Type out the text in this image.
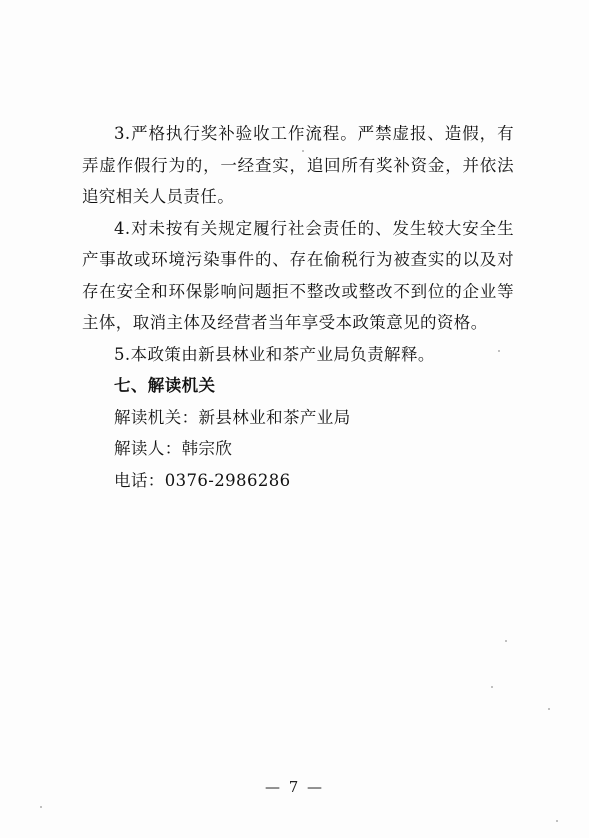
3.严格执行奖补验收工作流程。严禁虚报、造假，有弄虚作假行为的，一经查实，追回所有奖补资金，并依法追究相关人员责任。

4.对未按有关规定履行社会责任的、发生较大安全生产事故或环境污染事件的、存在偷税行为被查实的以及对存在安全和环保影响问题拒不整改或整改不到位的企业等主体，取消主体及经营者当年享受本政策意见的资格。

5.本政策由新县林业和茶产业局负责解释。

七、解读机关

解读机关：新县林业和茶产业局

解读人：韩宗欣

电话：0376-2986286

— 7 —
